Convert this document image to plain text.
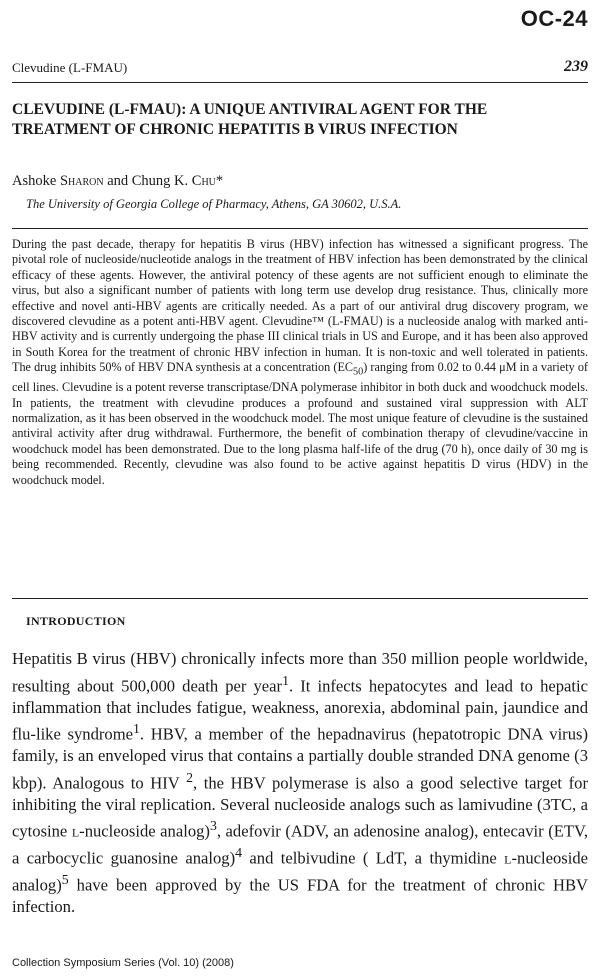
OC-24
Clevudine (L-FMAU)	239
CLEVUDINE (L-FMAU): A UNIQUE ANTIVIRAL AGENT FOR THE TREATMENT OF CHRONIC HEPATITIS B VIRUS INFECTION
Ashoke Sharon and Chung K. Chu*
The University of Georgia College of Pharmacy, Athens, GA 30602, U.S.A.

During the past decade, therapy for hepatitis B virus (HBV) infection has witnessed a significant progress. The pivotal role of nucleoside/nucleotide analogs in the treatment of HBV infection has been demonstrated by the clinical efficacy of these agents. However, the antiviral potency of these agents are not sufficient enough to eliminate the virus, but also a significant number of patients with long term use develop drug resistance. Thus, clinically more effective and novel anti-HBV agents are critically needed. As a part of our antiviral drug discovery program, we discovered clevudine as a potent anti-HBV agent. Clevudine™ (L-FMAU) is a nucleoside analog with marked anti-HBV activity and is currently undergoing the phase III clinical trials in US and Europe, and it has been also approved in South Korea for the treatment of chronic HBV infection in human. It is non-toxic and well tolerated in patients. The drug inhibits 50% of HBV DNA synthesis at a concentration $(EC_{50})$ ranging from 0.02 to 0.44 μM in a variety of cell lines. Clevudine is a potent reverse transcriptase/DNA polymerase inhibitor in both duck and woodchuck models. In patients, the treatment with clevudine produces a profound and sustained viral suppression with ALT normalization, as it has been observed in the woodchuck model. The most unique feature of clevudine is the sustained antiviral activity after drug withdrawal. Furthermore, the benefit of combination therapy of clevudine/vaccine in woodchuck model has been demonstrated. Due to the long plasma half-life of the drug (70 h), once daily of 30 mg is being recommended. Recently, clevudine was also found to be active against hepatitis D virus (HDV) in the woodchuck model.

INTRODUCTION

Hepatitis B virus (HBV) chronically infects more than 350 million people worldwide, resulting about 500,000 death per year$^1$. It infects hepatocytes and lead to hepatic inflammation that includes fatigue, weakness, anorexia, abdominal pain, jaundice and flu-like syndrome$^1$. HBV, a member of the hepadnavirus (hepatotropic DNA virus) family, is an enveloped virus that contains a partially double stranded DNA genome (3 kbp). Analogous to HIV $^2$, the HBV polymerase is also a good selective target for inhibiting the viral replication. Several nucleoside analogs such as lamivudine (3TC, a cytosine l-nucleoside analog)$^3$, adefovir (ADV, an adenosine analog), entecavir (ETV, a carbocyclic guanosine analog)$^4$ and telbivudine ( LdT, a thymidine l-nucleoside analog)$^5$ have been approved by the US FDA for the treatment of chronic HBV infection.

Collection Symposium Series (Vol. 10) (2008)
